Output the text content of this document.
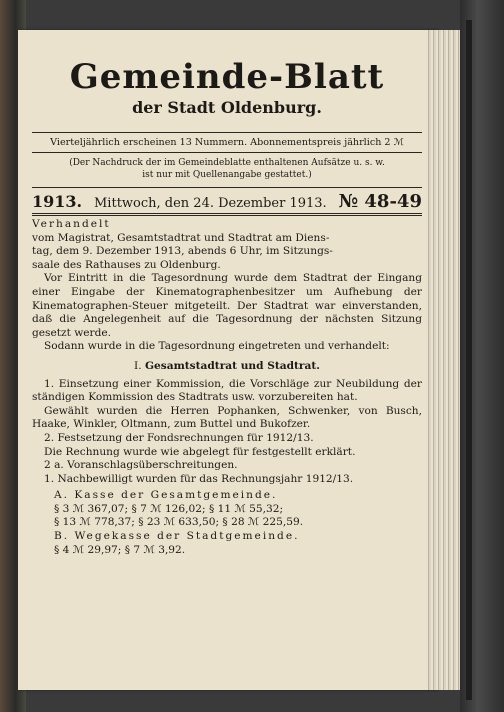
Gemeinde-Blatt
der Stadt Oldenburg.
Vierteljährlich erscheinen 13 Nummern. Abonnementspreis jährlich 2 ℳ
(Der Nachdruck der im Gemeindeblatte enthaltenen Aufsätze u. s. w.
ist nur mit Quellenangabe gestattet.)
1913. Mittwoch, den 24. Dezember 1913. № 48-49

Verhandelt

vom Magistrat, Gesamtstadtrat und Stadtrat am Diens-

tag, dem 9. Dezember 1913, abends 6 Uhr, im Sitzungs-

saale des Rathauses zu Oldenburg.

Vor Eintritt in die Tagesordnung wurde dem Stadtrat der Eingang einer Eingabe der Kinematographenbesitzer um Aufhebung der Kinematographen-Steuer mitgeteilt. Der Stadtrat war einverstanden, daß die Angelegenheit auf die Tagesordnung der nächsten Sitzung gesetzt werde.

Sodann wurde in die Tagesordnung eingetreten und verhandelt:

I. Gesamtstadtrat und Stadtrat.

1. Einsetzung einer Kommission, die Vorschläge zur Neubildung der ständigen Kommission des Stadtrats usw. vorzubereiten hat.

Gewählt wurden die Herren Pophanken, Schwenker, von Busch, Haake, Winkler, Oltmann, zum Buttel und Bukofzer.

2. Festsetzung der Fondsrechnungen für 1912/13.

Die Rechnung wurde wie abgelegt für festgestellt erklärt.

2 a. Voranschlagsüberschreitungen.

1. Nachbewilligt wurden für das Rechnungsjahr 1912/13.

A. Kasse der Gesamtgemeinde.

§ 3 ℳ 367,07; § 7 ℳ 126,02; § 11 ℳ 55,32;

§ 13 ℳ 778,37; § 23 ℳ 633,50; § 28 ℳ 225,59.

B. Wegekasse der Stadtgemeinde.

§ 4 ℳ 29,97; § 7 ℳ 3,92.
